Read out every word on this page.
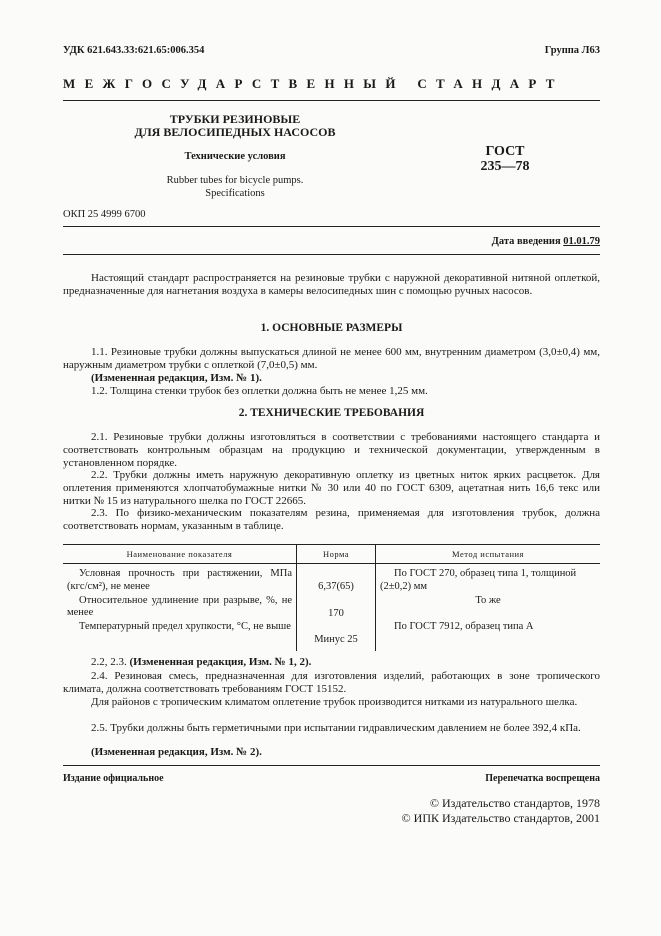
УДК 621.643.33:621.65:006.354	Группа Л63
МЕЖГОСУДАРСТВЕННЫЙ СТАНДАРТ
ТРУБКИ РЕЗИНОВЫЕ
ДЛЯ ВЕЛОСИПЕДНЫХ НАСОСОВ
Технические условия
Rubber tubes for bicycle pumps.
Specifications
ГОСТ
235—78
ОКП 25 4999 6700
Дата введения 01.01.79
Настоящий стандарт распространяется на резиновые трубки с наружной декоративной нитяной оплеткой, предназначенные для нагнетания воздуха в камеры велосипедных шин с помощью ручных насосов.
1. ОСНОВНЫЕ РАЗМЕРЫ
1.1. Резиновые трубки должны выпускаться длиной не менее 600 мм, внутренним диаметром (3,0±0,4) мм, наружным диаметром трубки с оплеткой (7,0±0,5) мм.
(Измененная редакция, Изм. № 1).
1.2. Толщина стенки трубок без оплетки должна быть не менее 1,25 мм.
2. ТЕХНИЧЕСКИЕ ТРЕБОВАНИЯ
2.1. Резиновые трубки должны изготовляться в соответствии с требованиями настоящего стандарта и соответствовать контрольным образцам на продукцию и технической документации, утвержденным в установленном порядке.
2.2. Трубки должны иметь наружную декоративную оплетку из цветных ниток ярких расцветок. Для оплетения применяются хлопчатобумажные нитки № 30 или 40 по ГОСТ 6309, ацетатная нить 16,6 текс или нитки № 15 из натурального шелка по ГОСТ 22665.
2.3. По физико-механическим показателям резина, применяемая для изготовления трубок, должна соответствовать нормам, указанным в таблице.
Наименование показателя	Норма	Метод испытания
Условная прочность при растяжении, МПа (кгс/см²), не менее	6,37(65)	По ГОСТ 270, образец типа 1, толщиной (2±0,2) мм
Относительное удлинение при разрыве, %, не менее	170	То же
Температурный предел хрупкости, °С, не выше	Минус 25	По ГОСТ 7912, образец типа А
2.2, 2.3. (Измененная редакция, Изм. № 1, 2).
2.4. Резиновая смесь, предназначенная для изготовления изделий, работающих в зоне тропического климата, должна соответствовать требованиям ГОСТ 15152.
Для районов с тропическим климатом оплетение трубок производится нитками из натурального шелка.
2.5. Трубки должны быть герметичными при испытании гидравлическим давлением не более 392,4 кПа.
(Измененная редакция, Изм. № 2).
Издание официальное	Перепечатка воспрещена
© Издательство стандартов, 1978
© ИПК Издательство стандартов, 2001
